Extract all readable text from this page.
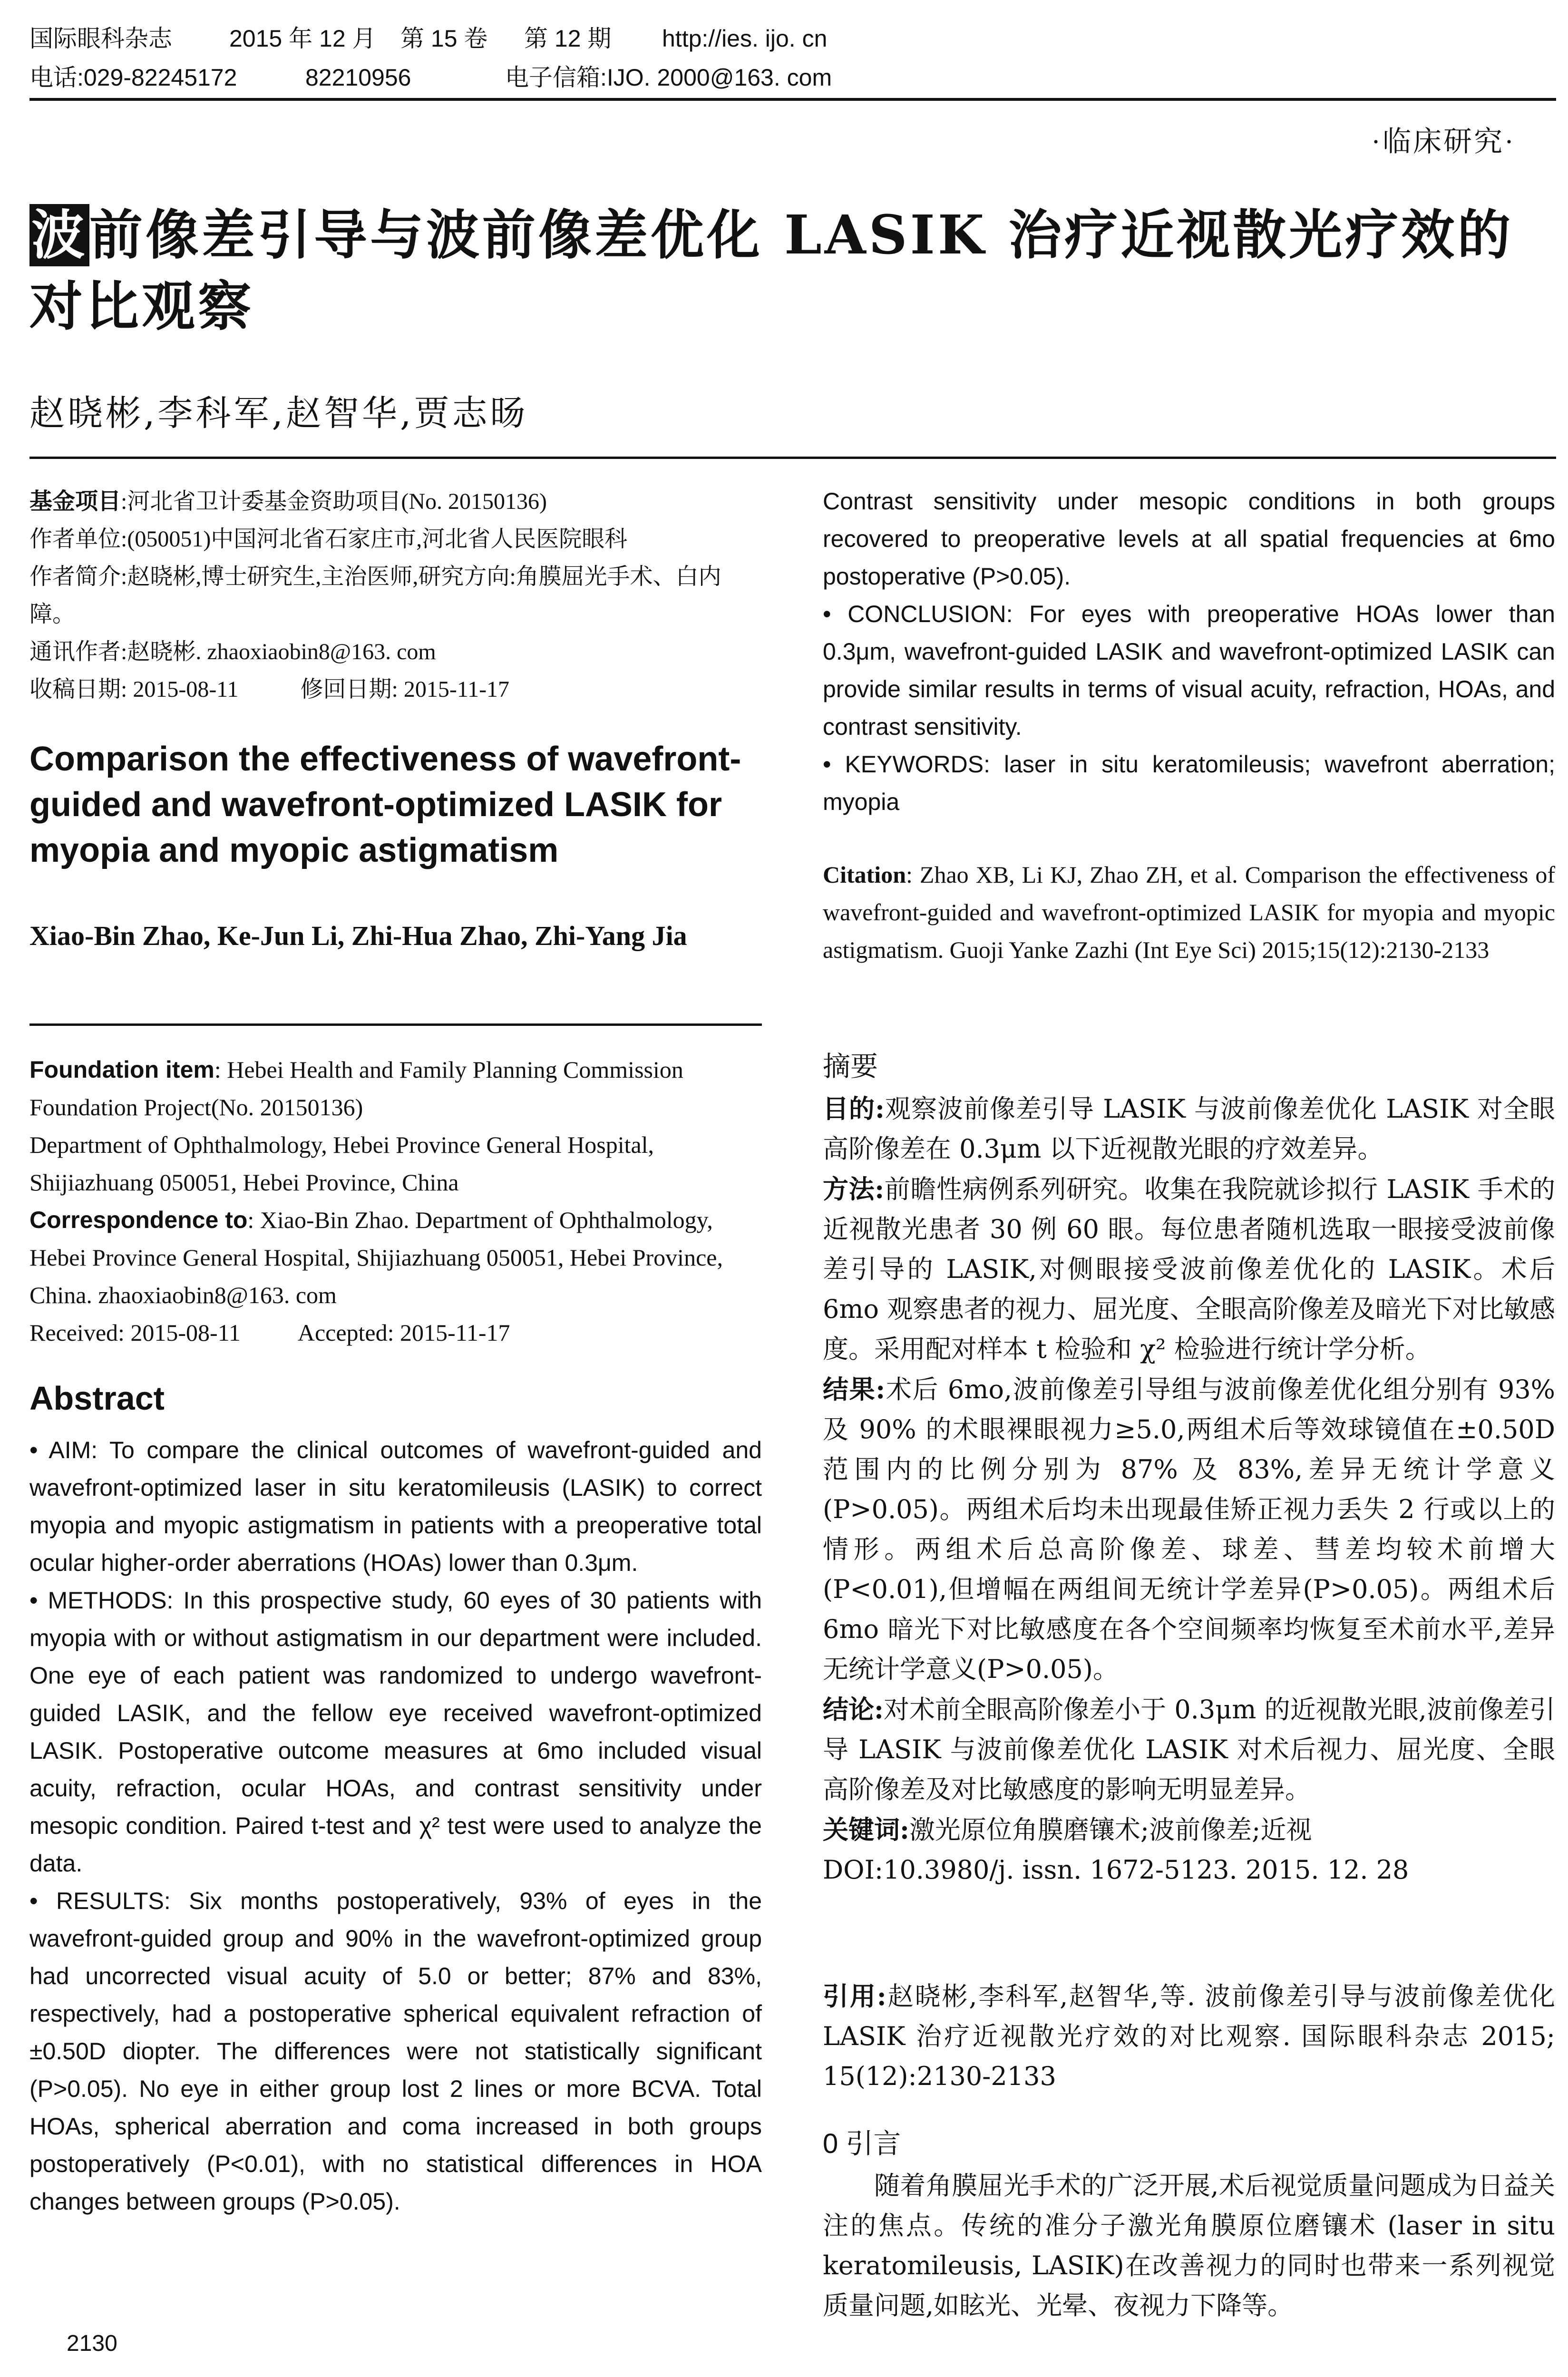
国际眼科杂志 2015 年 12 月 第 15 卷 第 12 期 http://ies. ijo. cn
电话:029-82245172	82210956	电子信箱:IJO. 2000@163. com
·临床研究·
波前像差引导与波前像差优化 LASIK 治疗近视散光疗效的对比观察
赵晓彬,李科军,赵智华,贾志旸
基金项目:河北省卫计委基金资助项目(No. 20150136)
作者单位:(050051)中国河北省石家庄市,河北省人民医院眼科
作者简介:赵晓彬,博士研究生,主治医师,研究方向:角膜屈光手术、白内障。
通讯作者:赵晓彬. zhaoxiaobin8@163. com
收稿日期: 2015-08-11	修回日期: 2015-11-17
Comparison the effectiveness of wavefront-guided and wavefront-optimized LASIK for myopia and myopic astigmatism
Xiao-Bin Zhao, Ke-Jun Li, Zhi-Hua Zhao, Zhi-Yang Jia
Foundation item: Hebei Health and Family Planning Commission Foundation Project(No. 20150136)
Department of Ophthalmology, Hebei Province General Hospital, Shijiazhuang 050051, Hebei Province, China
Correspondence to: Xiao-Bin Zhao. Department of Ophthalmology, Hebei Province General Hospital, Shijiazhuang 050051, Hebei Province, China. zhaoxiaobin8@163. com
Received: 2015-08-11 Accepted: 2015-11-17
Abstract
• AIM: To compare the clinical outcomes of wavefront-guided and wavefront-optimized laser in situ keratomileusis (LASIK) to correct myopia and myopic astigmatism in patients with a preoperative total ocular higher-order aberrations (HOAs) lower than 0.3μm.
• METHODS: In this prospective study, 60 eyes of 30 patients with myopia with or without astigmatism in our department were included. One eye of each patient was randomized to undergo wavefront-guided LASIK, and the fellow eye received wavefront-optimized LASIK. Postoperative outcome measures at 6mo included visual acuity, refraction, ocular HOAs, and contrast sensitivity under mesopic condition. Paired t-test and χ² test were used to analyze the data.
• RESULTS: Six months postoperatively, 93% of eyes in the wavefront-guided group and 90% in the wavefront-optimized group had uncorrected visual acuity of 5.0 or better; 87% and 83%, respectively, had a postoperative spherical equivalent refraction of ±0.50D diopter. The differences were not statistically significant (P>0.05). No eye in either group lost 2 lines or more BCVA. Total HOAs, spherical aberration and coma increased in both groups postoperatively (P<0.01), with no statistical differences in HOA changes between groups (P>0.05).
2130
Contrast sensitivity under mesopic conditions in both groups recovered to preoperative levels at all spatial frequencies at 6mo postoperative (P>0.05).
• CONCLUSION: For eyes with preoperative HOAs lower than 0.3μm, wavefront-guided LASIK and wavefront-optimized LASIK can provide similar results in terms of visual acuity, refraction, HOAs, and contrast sensitivity.
• KEYWORDS: laser in situ keratomileusis; wavefront aberration; myopia
Citation: Zhao XB, Li KJ, Zhao ZH, et al. Comparison the effectiveness of wavefront-guided and wavefront-optimized LASIK for myopia and myopic astigmatism. Guoji Yanke Zazhi (Int Eye Sci) 2015;15(12):2130-2133
摘要
目的:观察波前像差引导 LASIK 与波前像差优化 LASIK 对全眼高阶像差在 0.3μm 以下近视散光眼的疗效差异。
方法:前瞻性病例系列研究。收集在我院就诊拟行 LASIK 手术的近视散光患者 30 例 60 眼。每位患者随机选取一眼接受波前像差引导的 LASIK,对侧眼接受波前像差优化的 LASIK。术后 6mo 观察患者的视力、屈光度、全眼高阶像差及暗光下对比敏感度。采用配对样本 t 检验和 χ² 检验进行统计学分析。
结果:术后 6mo,波前像差引导组与波前像差优化组分别有 93% 及 90% 的术眼裸眼视力≥5.0,两组术后等效球镜值在±0.50D 范围内的比例分别为 87% 及 83%,差异无统计学意义(P>0.05)。两组术后均未出现最佳矫正视力丢失 2 行或以上的情形。两组术后总高阶像差、球差、彗差均较术前增大(P<0.01),但增幅在两组间无统计学差异(P>0.05)。两组术后 6mo 暗光下对比敏感度在各个空间频率均恢复至术前水平,差异无统计学意义(P>0.05)。
结论:对术前全眼高阶像差小于 0.3μm 的近视散光眼,波前像差引导 LASIK 与波前像差优化 LASIK 对术后视力、屈光度、全眼高阶像差及对比敏感度的影响无明显差异。
关键词:激光原位角膜磨镶术;波前像差;近视
DOI:10.3980/j. issn. 1672-5123. 2015. 12. 28
引用:赵晓彬,李科军,赵智华,等. 波前像差引导与波前像差优化 LASIK 治疗近视散光疗效的对比观察. 国际眼科杂志 2015; 15(12):2130-2133
0 引言
随着角膜屈光手术的广泛开展,术后视觉质量问题成为日益关注的焦点。传统的准分子激光角膜原位磨镶术 (laser in situ keratomileusis, LASIK)在改善视力的同时也带来一系列视觉质量问题,如眩光、光晕、夜视力下降等。
